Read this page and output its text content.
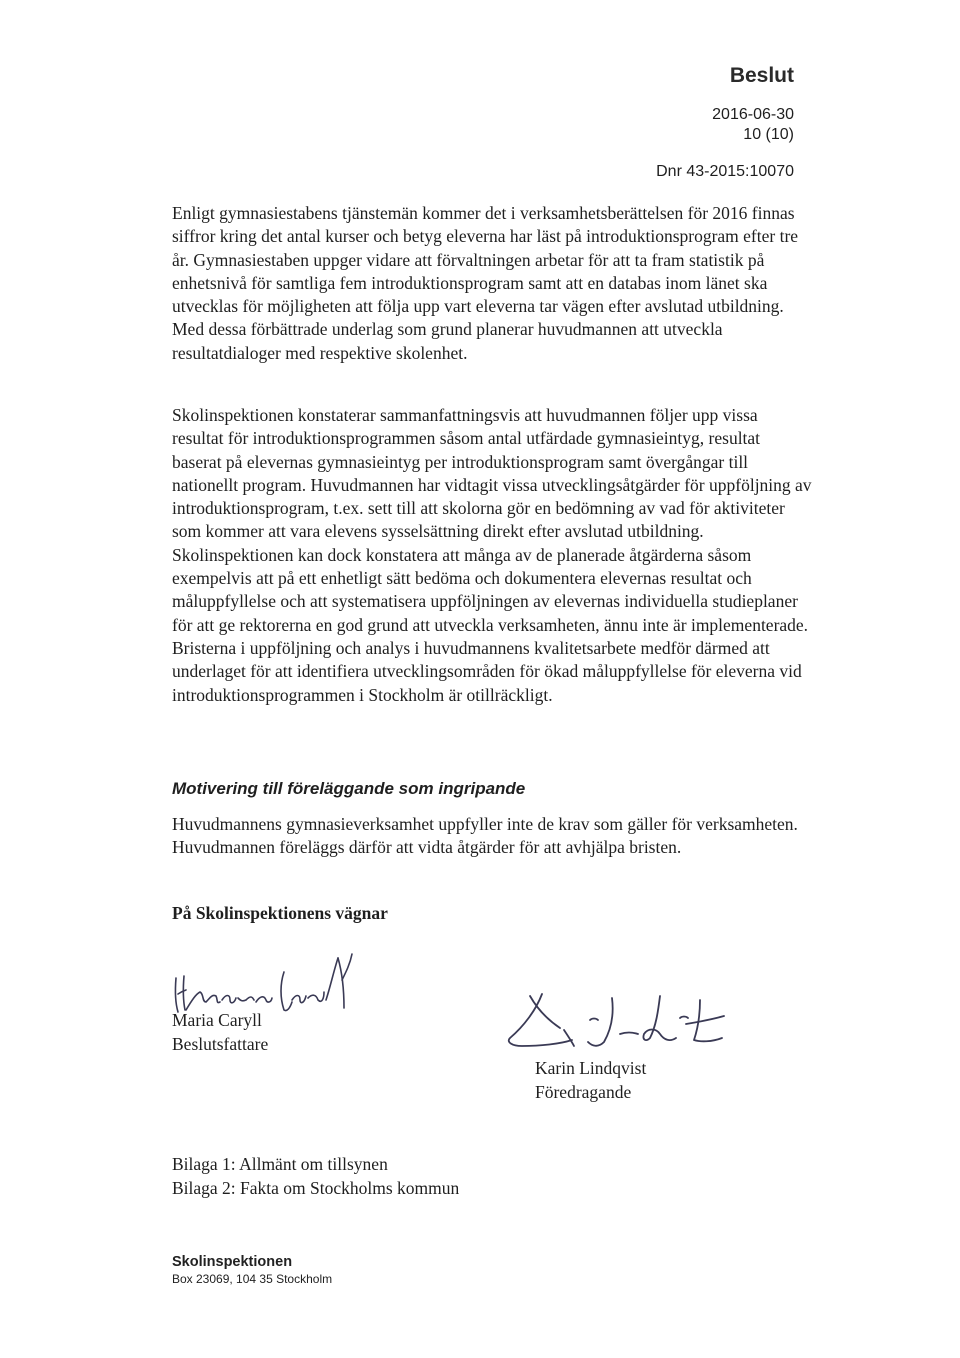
Beslut
2016-06-30
10 (10)
Dnr 43-2015:10070

Enligt gymnasiestabens tjänstemän kommer det i verksamhetsberättelsen för 2016 finnas siffror kring det antal kurser och betyg eleverna har läst på introduktionsprogram efter tre år. Gymnasiestaben uppger vidare att förvaltningen arbetar för att ta fram statistik på enhetsnivå för samtliga fem introduktionsprogram samt att en databas inom länet ska utvecklas för möjligheten att följa upp vart eleverna tar vägen efter avslutad utbildning. Med dessa förbättrade underlag som grund planerar huvudmannen att utveckla resultatdialoger med respektive skolenhet.

Skolinspektionen konstaterar sammanfattningsvis att huvudmannen följer upp vissa resultat för introduktionsprogrammen såsom antal utfärdade gymnasieintyg, resultat baserat på elevernas gymnasieintyg per introduktionsprogram samt övergångar till nationellt program. Huvudmannen har vidtagit vissa utvecklingsåtgärder för uppföljning av introduktionsprogram, t.ex. sett till att skolorna gör en bedömning av vad för aktiviteter som kommer att vara elevens sysselsättning direkt efter avslutad utbildning. Skolinspektionen kan dock konstatera att många av de planerade åtgärderna såsom exempelvis att på ett enhetligt sätt bedöma och dokumentera elevernas resultat och måluppfyllelse och att systematisera uppföljningen av elevernas individuella studieplaner för att ge rektorerna en god grund att utveckla verksamheten, ännu inte är implementerade. Bristerna i uppföljning och analys i huvudmannens kvalitetsarbete medför därmed att underlaget för att identifiera utvecklingsområden för ökad måluppfyllelse för eleverna vid introduktionsprogrammen i Stockholm är otillräckligt.

Motivering till föreläggande som ingripande

Huvudmannens gymnasieverksamhet uppfyller inte de krav som gäller för verksamheten. Huvudmannen föreläggs därför att vidta åtgärder för att avhjälpa bristen.

På Skolinspektionens vägnar
Maria Caryll
Beslutsfattare
Karin Lindqvist
Föredragande
Bilaga 1: Allmänt om tillsynen
Bilaga 2: Fakta om Stockholms kommun
Skolinspektionen
Box 23069, 104 35 Stockholm
